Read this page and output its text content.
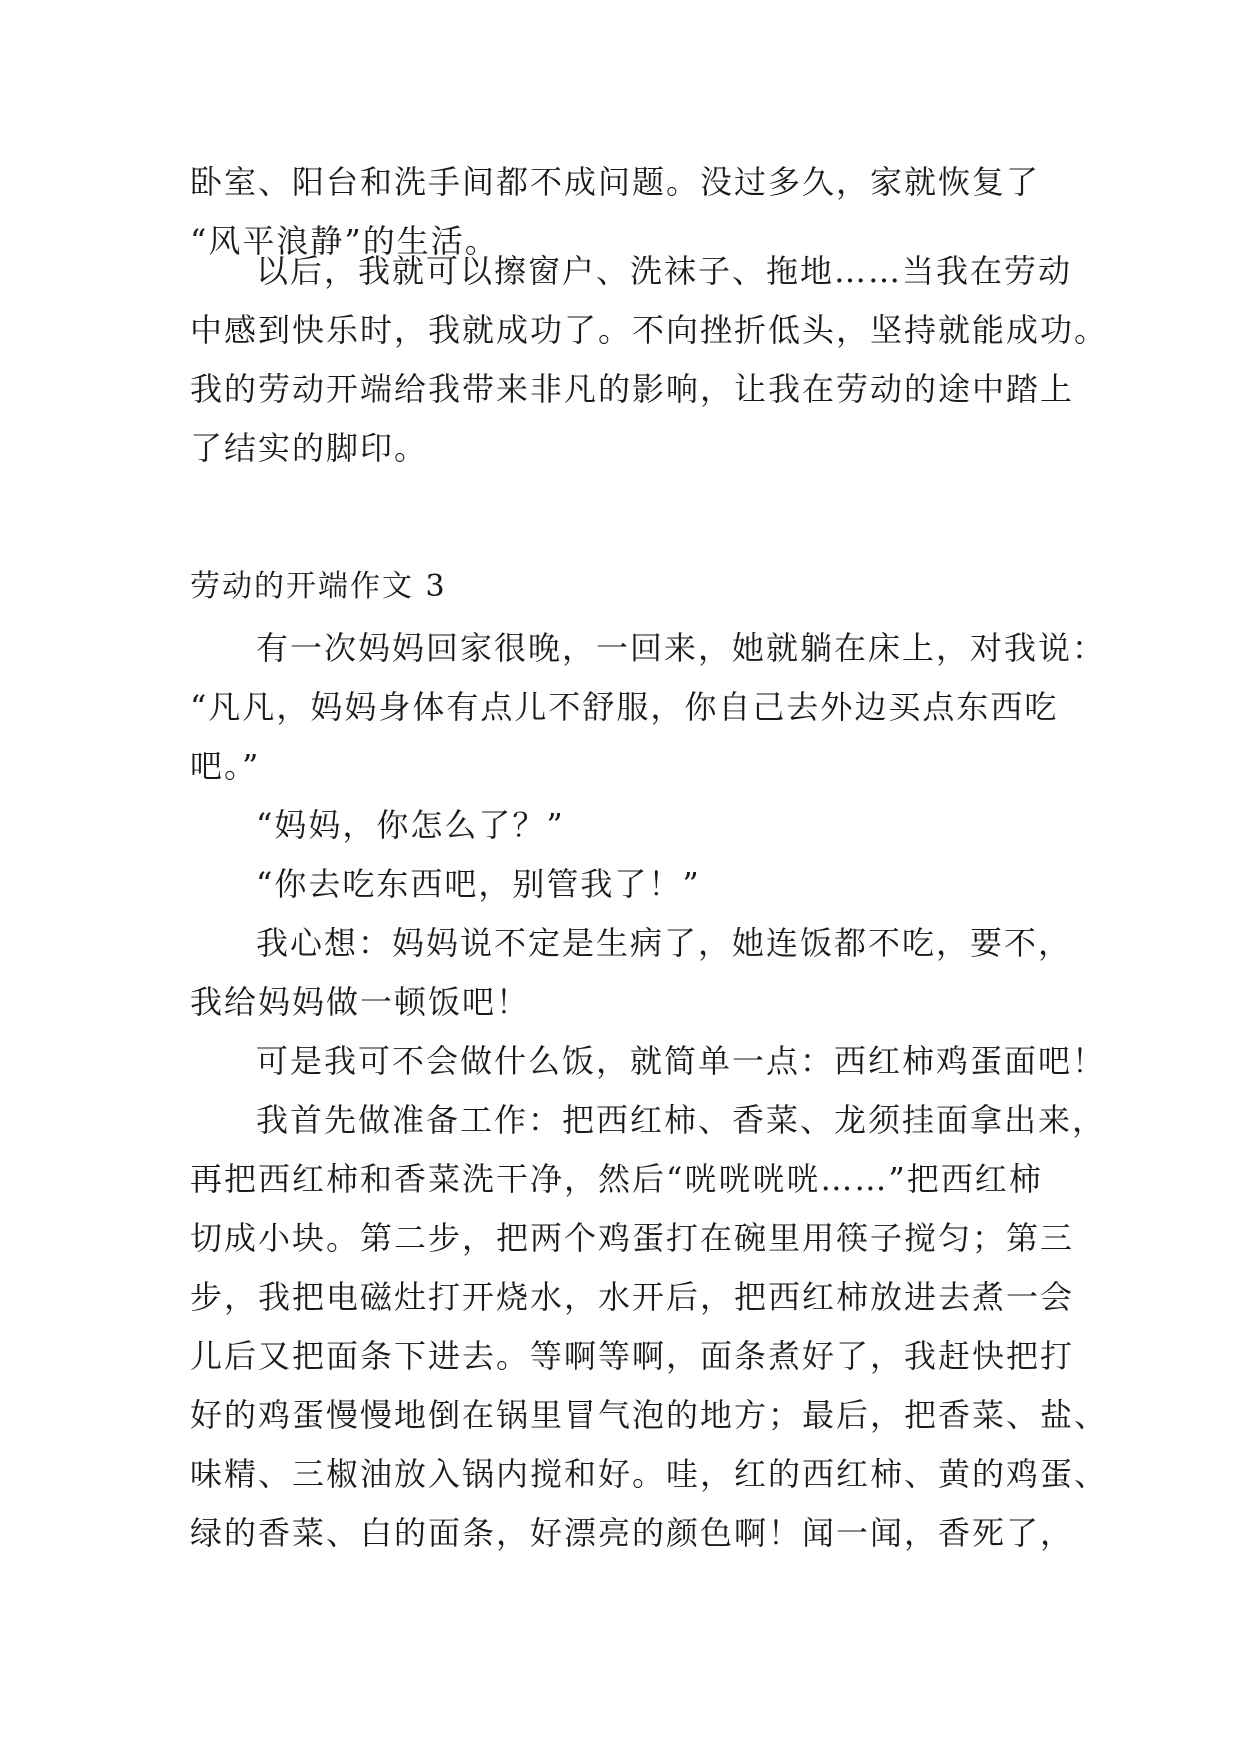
卧室、阳台和洗手间都不成问题。没过多久，家就恢复了
“风平浪静”的生活。
以后，我就可以擦窗户、洗袜子、拖地……当我在劳动
中感到快乐时，我就成功了。不向挫折低头，坚持就能成功。
我的劳动开端给我带来非凡的影响，让我在劳动的途中踏上
了结实的脚印。
劳动的开端作文 3
有一次妈妈回家很晚，一回来，她就躺在床上，对我说：
“凡凡，妈妈身体有点儿不舒服，你自己去外边买点东西吃
吧。”
“妈妈，你怎么了？”
“你去吃东西吧，别管我了！”
我心想：妈妈说不定是生病了，她连饭都不吃，要不，
我给妈妈做一顿饭吧！
可是我可不会做什么饭，就简单一点：西红柿鸡蛋面吧！
我首先做准备工作：把西红柿、香菜、龙须挂面拿出来，
再把西红柿和香菜洗干净，然后“咣咣咣咣……”把西红柿
切成小块。第二步，把两个鸡蛋打在碗里用筷子搅匀；第三
步，我把电磁灶打开烧水，水开后，把西红柿放进去煮一会
儿后又把面条下进去。等啊等啊，面条煮好了，我赶快把打
好的鸡蛋慢慢地倒在锅里冒气泡的地方；最后，把香菜、盐、
味精、三椒油放入锅内搅和好。哇，红的西红柿、黄的鸡蛋、
绿的香菜、白的面条，好漂亮的颜色啊！闻一闻，香死了，
